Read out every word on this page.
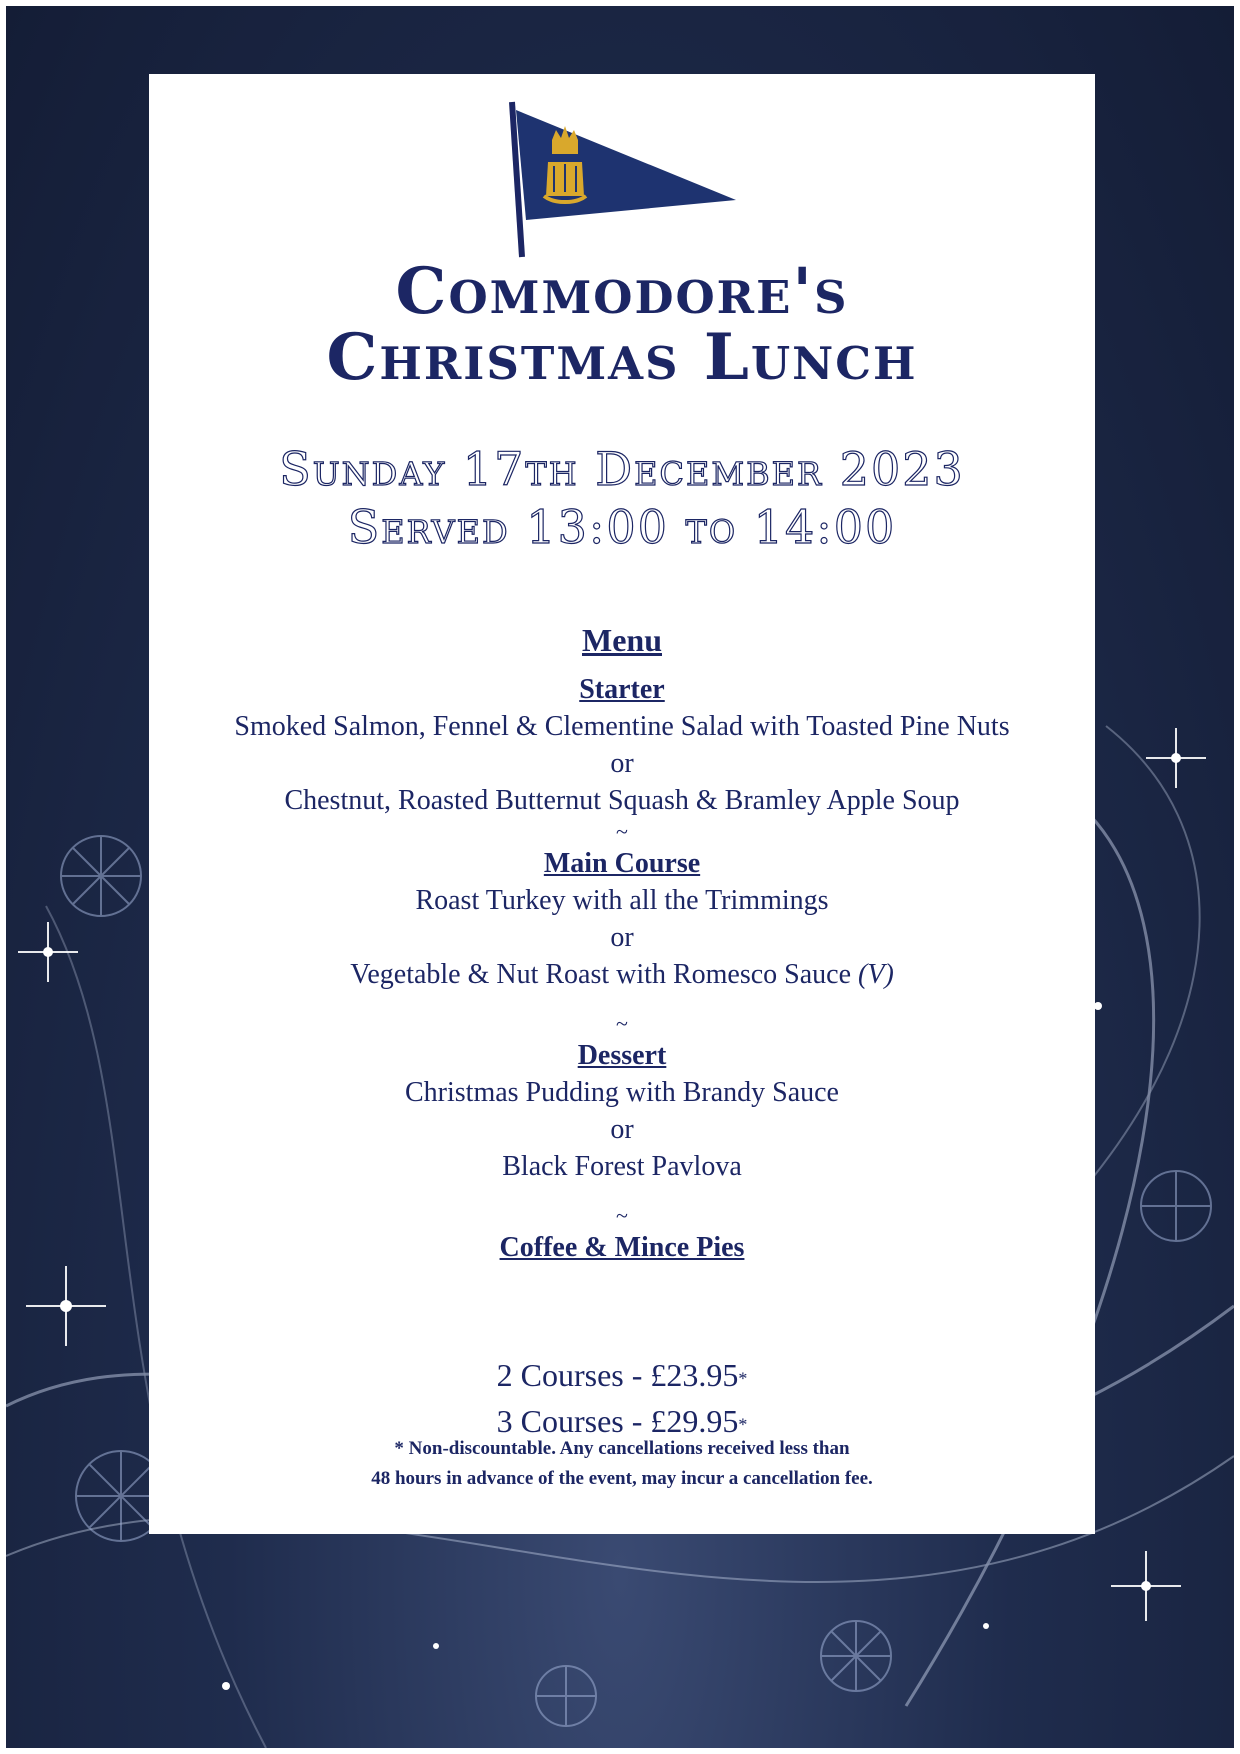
Commodore's
Christmas Lunch
Sunday 17th December 2023
Served 13:00 to 14:00
Menu
Starter
Smoked Salmon, Fennel & Clementine Salad with Toasted Pine Nuts
or
Chestnut, Roasted Butternut Squash & Bramley Apple Soup
~
Main Course
Roast Turkey with all the Trimmings
or
Vegetable & Nut Roast with Romesco Sauce (V)
~
Dessert
Christmas Pudding with Brandy Sauce
or
Black Forest Pavlova
~
Coffee & Mince Pies
2 Courses - £23.95*
3 Courses - £29.95*
* Non-discountable. Any cancellations received less than
48 hours in advance of the event, may incur a cancellation fee.
